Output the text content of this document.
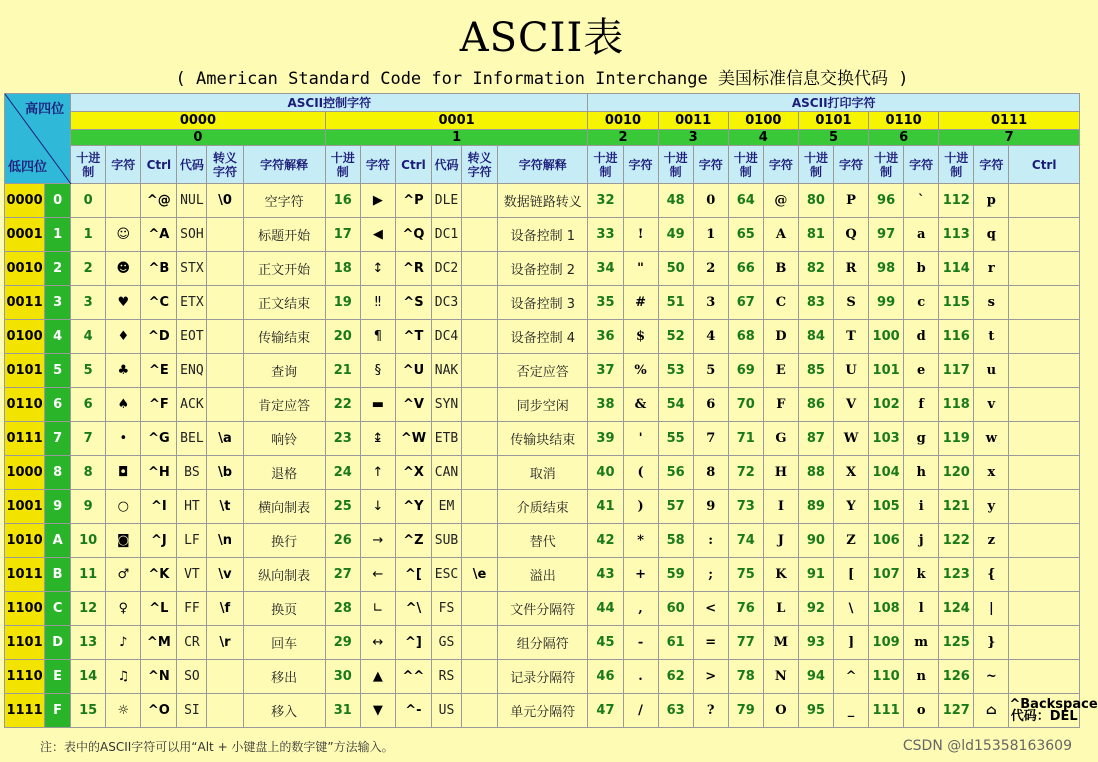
ASCII表
( American Standard Code for Information Interchange 美国标准信息交换代码 )
高四位
低四位		ASCII控制字符												ASCII打印字符												
		0000						0001						0010		0011		0100		0101		0110		0111		
		0						1						2		3		4		5		6		7		
		十进制	字符	Ctrl	代码	转义字符	字符解释	十进制	字符	Ctrl	代码	转义字符	字符解释	十进制	字符	十进制	字符	十进制	字符	十进制	字符	十进制	字符	十进制	字符	Ctrl
0000	0	0		^@	NUL	\0	空字符	16	▶	^P	DLE		数据链路转义	32		48	0	64	@	80	P	96	`	112	p	
0001	1	1	☺	^A	SOH		标题开始	17	◀	^Q	DC1		设备控制 1	33	!	49	1	65	A	81	Q	97	a	113	q	
0010	2	2	☻	^B	STX		正文开始	18	↕	^R	DC2		设备控制 2	34	"	50	2	66	B	82	R	98	b	114	r	
0011	3	3	♥	^C	ETX		正文结束	19	‼	^S	DC3		设备控制 3	35	#	51	3	67	C	83	S	99	c	115	s	
0100	4	4	♦	^D	EOT		传输结束	20	¶	^T	DC4		设备控制 4	36	$	52	4	68	D	84	T	100	d	116	t	
0101	5	5	♣	^E	ENQ		查询	21	§	^U	NAK		否定应答	37	%	53	5	69	E	85	U	101	e	117	u	
0110	6	6	♠	^F	ACK		肯定应答	22	▬	^V	SYN		同步空闲	38	&	54	6	70	F	86	V	102	f	118	v	
0111	7	7	•	^G	BEL	\a	响铃	23	↨	^W	ETB		传输块结束	39	'	55	7	71	G	87	W	103	g	119	w	
1000	8	8	◘	^H	BS	\b	退格	24	↑	^X	CAN		取消	40	(	56	8	72	H	88	X	104	h	120	x	
1001	9	9	○	^I	HT	\t	横向制表	25	↓	^Y	EM		介质结束	41	)	57	9	73	I	89	Y	105	i	121	y	
1010	A	10	◙	^J	LF	\n	换行	26	→	^Z	SUB		替代	42	*	58	:	74	J	90	Z	106	j	122	z	
1011	B	11	♂	^K	VT	\v	纵向制表	27	←	^[	ESC	\e	溢出	43	+	59	;	75	K	91	[	107	k	123	{	
1100	C	12	♀	^L	FF	\f	换页	28	∟	^\	FS		文件分隔符	44	,	60	<	76	L	92	\	108	l	124	|	
1101	D	13	♪	^M	CR	\r	回车	29	↔	^]	GS		组分隔符	45	-	61	=	77	M	93	]	109	m	125	}	
1110	E	14	♫	^N	SO		移出	30	▲	^^	RS		记录分隔符	46	.	62	>	78	N	94	^	110	n	126	~	
1111	F	15	☼	^O	SI		移入	31	▼	^-	US		单元分隔符	47	/	63	?	79	O	95	_	111	o	127	⌂	^Backspace
代码：DEL
注：表中的ASCII字符可以用“Alt + 小键盘上的数字键”方法输入。	CSDN @ld15358163609
